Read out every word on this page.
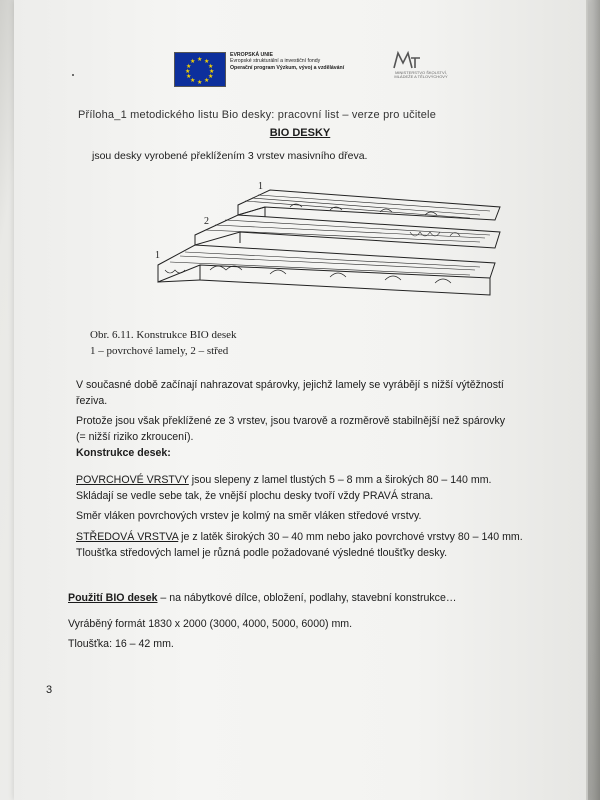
★ ★
★
★
★
★
★
★
★
★
★
★
EVROPSKÁ UNIE
Evropské strukturální a investiční fondy
Operační program Výzkum, vývoj a vzdělávání
MINISTERSTVO ŠKOLSTVÍ,
MLÁDEŽE A TĚLOVÝCHOVY
Příloha_1 metodického listu Bio desky: pracovní list – verze pro učitele
BIO DESKY
jsou desky vyrobené překlížením 3 vrstev masivního dřeva.
1
2
1
Obr. 6.11. Konstrukce BIO desek
1 – povrchové lamely, 2 – střed
V současné době začínají nahrazovat spárovky, jejichž lamely se vyrábějí s nižší výtěžností řeziva.
Protože jsou však překlížené ze 3 vrstev, jsou tvarově a rozměrově stabilnější než spárovky (= nižší riziko zkroucení).
Konstrukce desek:
POVRCHOVÉ VRSTVY jsou slepeny z lamel tlustých 5 – 8 mm a širokých 80 – 140 mm. Skládají se vedle sebe tak, že vnější plochu desky tvoří vždy PRAVÁ strana.
Směr vláken povrchových vrstev je kolmý na směr vláken středové vrstvy.
STŘEDOVÁ VRSTVA je z latěk širokých 30 – 40 mm nebo jako povrchové vrstvy 80 – 140 mm. Tloušťka středových lamel je různá podle požadované výsledné tloušťky desky.
Použití BIO desek – na nábytkové dílce, obložení, podlahy, stavební konstrukce…
Vyráběný formát 1830 x 2000 (3000, 4000, 5000, 6000) mm.
Tloušťka: 16 – 42 mm.
3
